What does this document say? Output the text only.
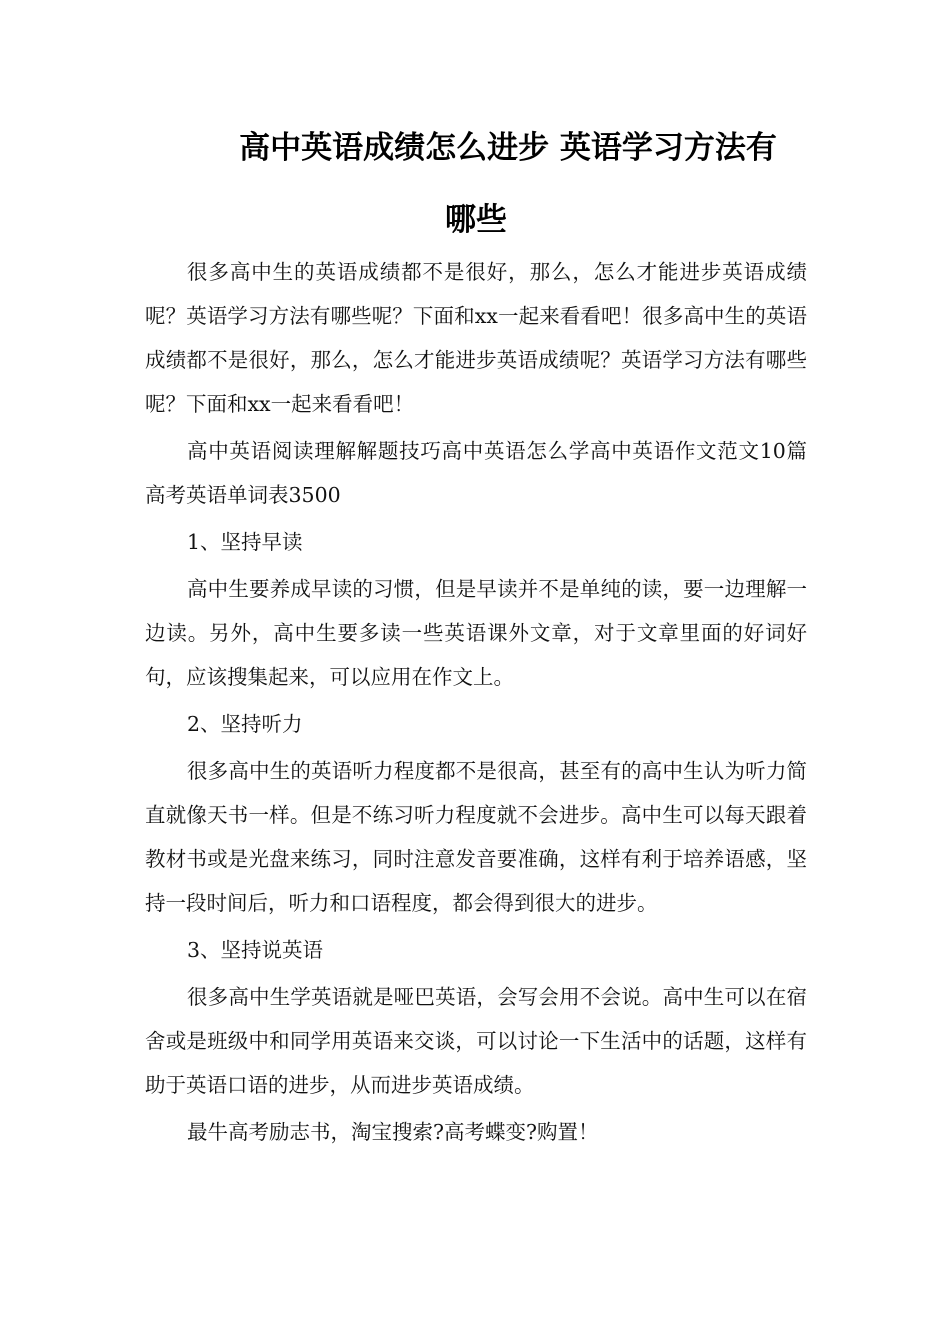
高中英语成绩怎么进步 英语学习方法有
哪些

很多高中生的英语成绩都不是很好，那么，怎么才能进步英语成绩呢？英语学习方法有哪些呢？下面和xx一起来看看吧！很多高中生的英语成绩都不是很好，那么，怎么才能进步英语成绩呢？英语学习方法有哪些呢？下面和xx一起来看看吧！

高中英语阅读理解解题技巧高中英语怎么学高中英语作文范文10篇高考英语单词表3500

1、坚持早读

高中生要养成早读的习惯，但是早读并不是单纯的读，要一边理解一边读。另外，高中生要多读一些英语课外文章，对于文章里面的好词好句，应该搜集起来，可以应用在作文上。

2、坚持听力

很多高中生的英语听力程度都不是很高，甚至有的高中生认为听力简直就像天书一样。但是不练习听力程度就不会进步。高中生可以每天跟着教材书或是光盘来练习，同时注意发音要准确，这样有利于培养语感，坚持一段时间后，听力和口语程度，都会得到很大的进步。

3、坚持说英语

很多高中生学英语就是哑巴英语，会写会用不会说。高中生可以在宿舍或是班级中和同学用英语来交谈，可以讨论一下生活中的话题，这样有助于英语口语的进步，从而进步英语成绩。

最牛高考励志书，淘宝搜索?高考蝶变?购置！
